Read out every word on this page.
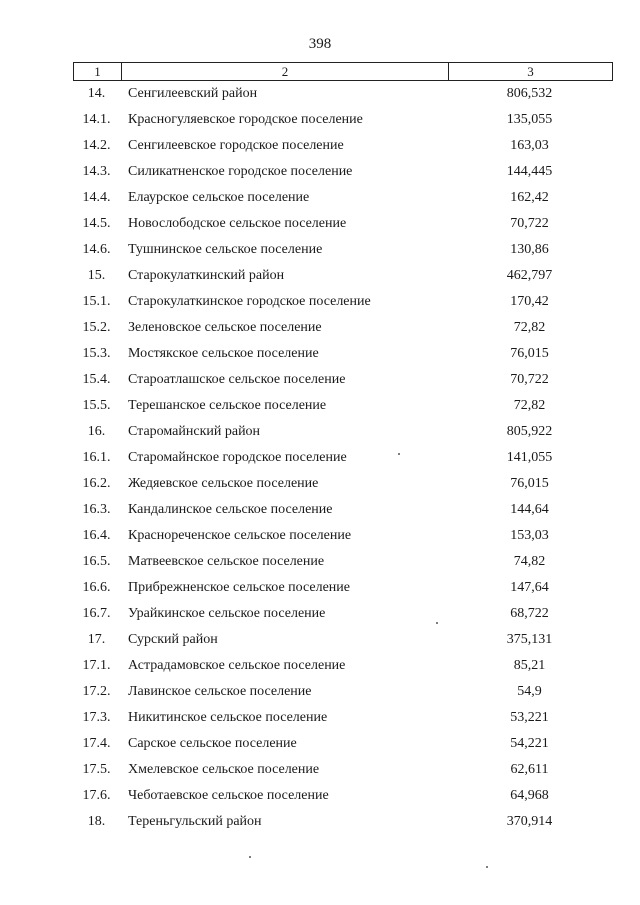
398
1	2	3
14.	Сенгилеевский район	806,532
14.1.	Красногуляевское городское поселение	135,055
14.2.	Сенгилеевское городское поселение	163,03
14.3.	Силикатненское городское поселение	144,445
14.4.	Елаурское сельское поселение	162,42
14.5.	Новослободское сельское поселение	70,722
14.6.	Тушнинское сельское поселение	130,86
15.	Старокулаткинский район	462,797
15.1.	Старокулаткинское городское поселение	170,42
15.2.	Зеленовское сельское поселение	72,82
15.3.	Мостякское сельское поселение	76,015
15.4.	Староатлашское сельское поселение	70,722
15.5.	Терешанское сельское поселение	72,82
16.	Старомайнский район	805,922
16.1.	Старомайнское городское поселение	141,055
16.2.	Жедяевское сельское поселение	76,015
16.3.	Кандалинское сельское поселение	144,64
16.4.	Краснореченское сельское поселение	153,03
16.5.	Матвеевское сельское поселение	74,82
16.6.	Прибрежненское сельское поселение	147,64
16.7.	Урайкинское сельское поселение	68,722
17.	Сурский район	375,131
17.1.	Астрадамовское сельское поселение	85,21
17.2.	Лавинское сельское поселение	54,9
17.3.	Никитинское сельское поселение	53,221
17.4.	Сарское сельское поселение	54,221
17.5.	Хмелевское сельское поселение	62,611
17.6.	Чеботаевское сельское поселение	64,968
18.	Тереньгульский район	370,914
